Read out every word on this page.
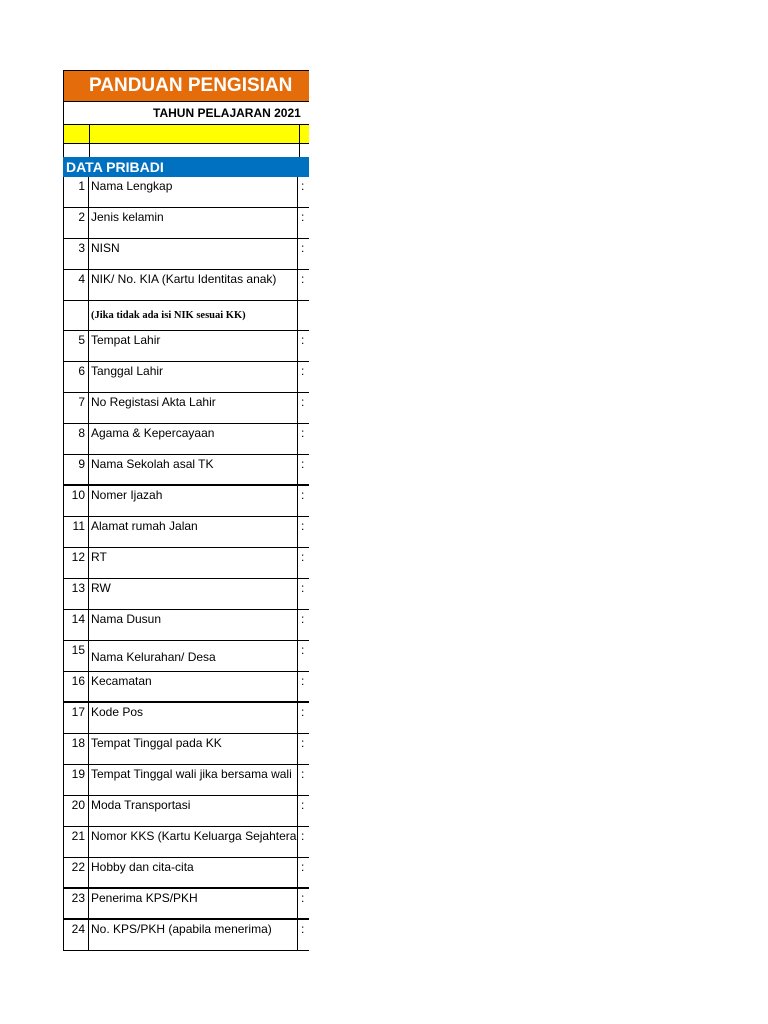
PANDUAN PENGISIAN
TAHUN PELAJARAN 2021
DATA PRIBADI
1 Nama Lengkap	:
2 Jenis kelamin	:
3 NISN	:
4 NIK/ No. KIA (Kartu Identitas anak)	:
(Jika tidak ada isi NIK sesuai KK)
5 Tempat Lahir	:
6 Tanggal Lahir	:
7 No Registasi Akta Lahir	:
8 Agama & Kepercayaan	:
9 Nama Sekolah asal TK	:
10 Nomer Ijazah	:
11 Alamat rumah Jalan	:
12 RT	:
13 RW	:
14 Nama Dusun	:
15 Nama Kelurahan/ Desa	:
16 Kecamatan	:
17 Kode Pos	:
18 Tempat Tinggal pada KK	:
19 Tempat Tinggal wali jika bersama wali :
20 Moda Transportasi	:
21 Nomor KKS (Kartu Keluarga Sejahtera :
22 Hobby dan cita-cita	:
23 Penerima KPS/PKH	:
24 No. KPS/PKH (apabila menerima)	:
